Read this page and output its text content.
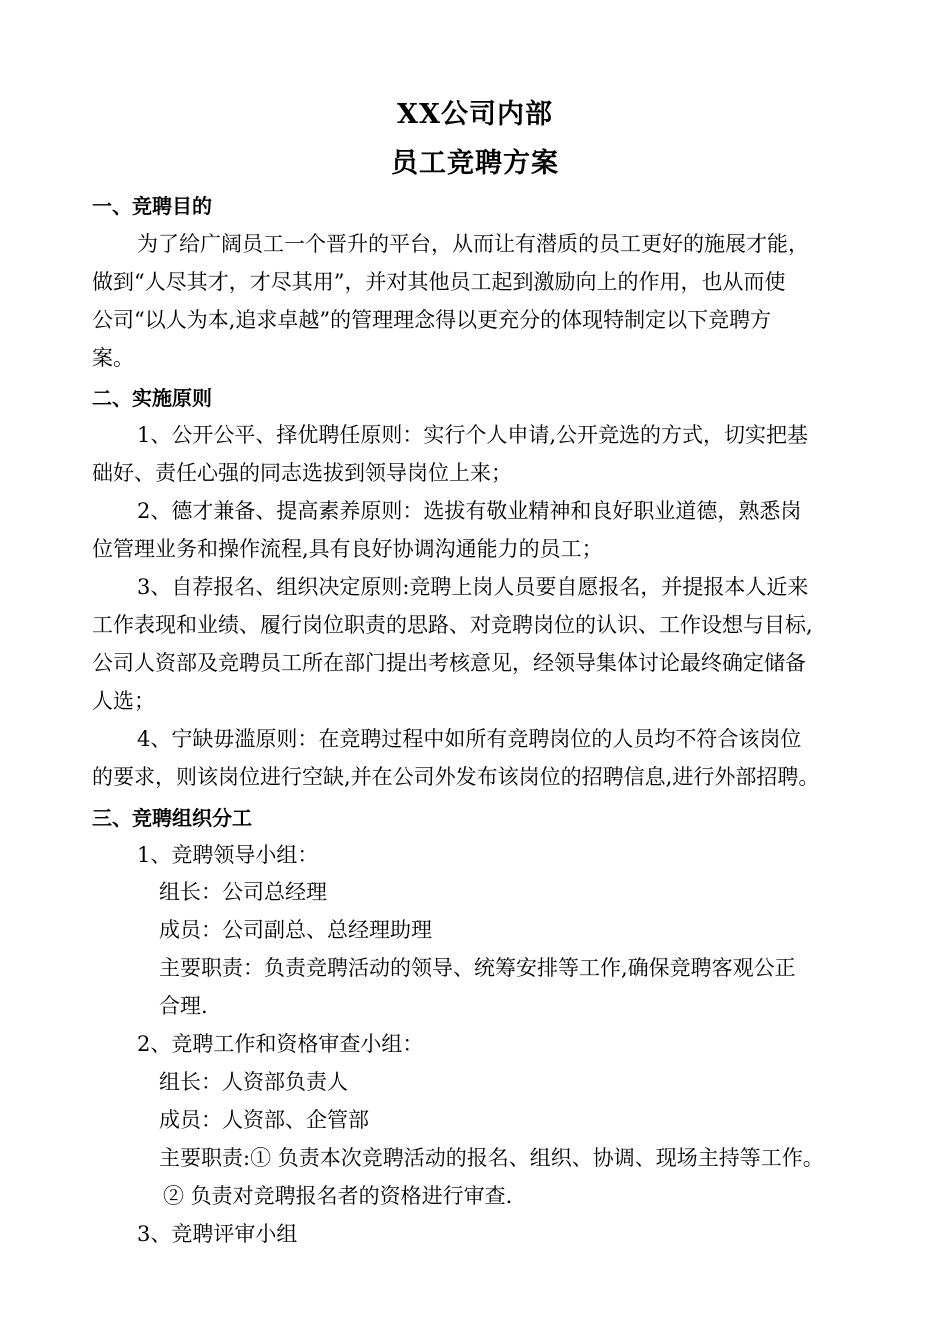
XX公司内部
员工竞聘方案
一、竞聘目的
为了给广阔员工一个晋升的平台，从而让有潜质的员工更好的施展才能，
做到“人尽其才，才尽其用”，并对其他员工起到激励向上的作用，也从而使
公司“以人为本,追求卓越”的管理理念得以更充分的体现特制定以下竞聘方
案。
二、实施原则
1、公开公平、择优聘任原则：实行个人申请,公开竞选的方式，切实把基
础好、责任心强的同志选拔到领导岗位上来；
2、德才兼备、提高素养原则：选拔有敬业精神和良好职业道德，熟悉岗
位管理业务和操作流程,具有良好协调沟通能力的员工；
3、自荐报名、组织决定原则:竞聘上岗人员要自愿报名，并提报本人近来
工作表现和业绩、履行岗位职责的思路、对竞聘岗位的认识、工作设想与目标,
公司人资部及竞聘员工所在部门提出考核意见，经领导集体讨论最终确定储备
人选；
4、宁缺毋滥原则：在竞聘过程中如所有竞聘岗位的人员均不符合该岗位
的要求，则该岗位进行空缺,并在公司外发布该岗位的招聘信息,进行外部招聘。
三、竞聘组织分工
1、竞聘领导小组：
组长：公司总经理
成员：公司副总、总经理助理
主要职责：负责竞聘活动的领导、统筹安排等工作,确保竞聘客观公正
合理.
2、竞聘工作和资格审查小组：
组长：人资部负责人
成员：人资部、企管部
主要职责:① 负责本次竞聘活动的报名、组织、协调、现场主持等工作。
② 负责对竞聘报名者的资格进行审查.
3、竞聘评审小组
